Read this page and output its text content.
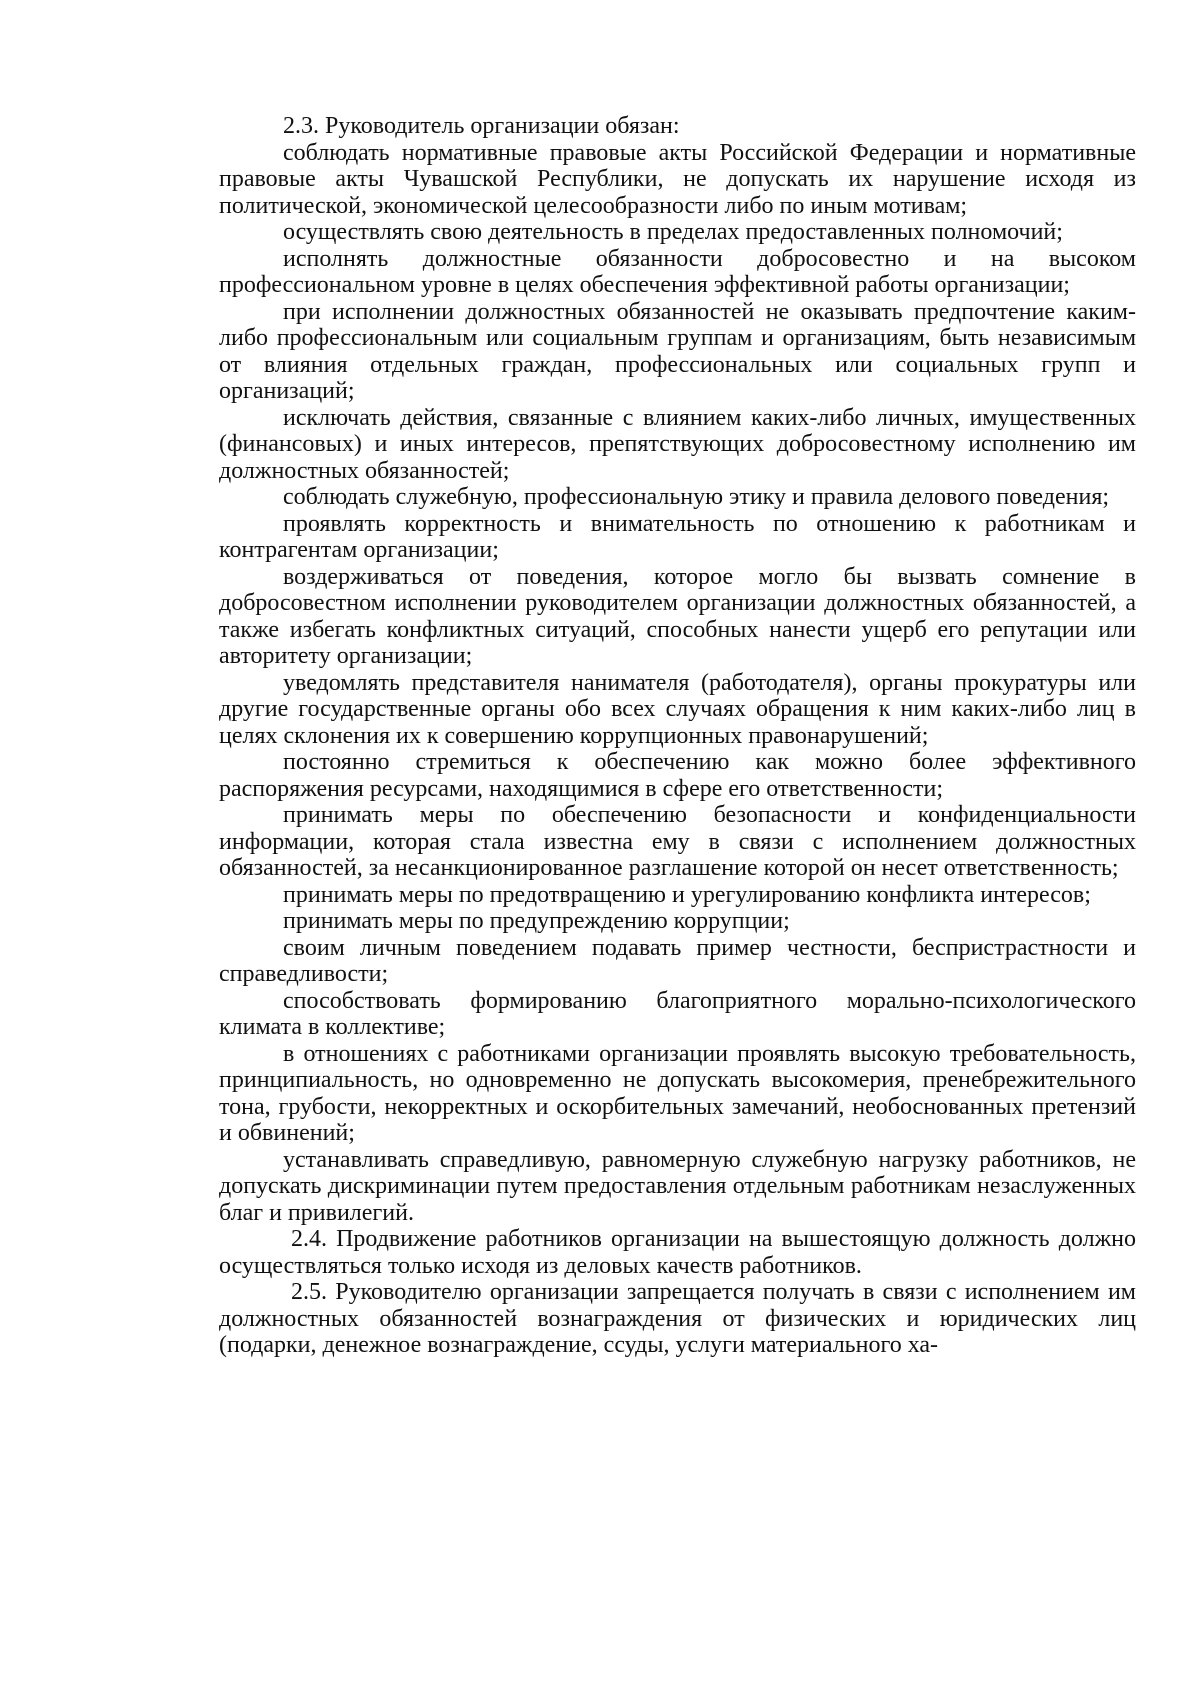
2.3. Руководитель организации обязан:

соблюдать нормативные правовые акты Российской Федерации и нормативные правовые акты Чувашской Республики, не допускать их нарушение исходя из политической, экономической целесообразности либо по иным мотивам;

осуществлять свою деятельность в пределах предоставленных полномочий;

исполнять должностные обязанности добросовестно и на высоком профессиональном уровне в целях обеспечения эффективной работы организации;

при исполнении должностных обязанностей не оказывать предпочтение каким-либо профессиональным или социальным группам и организациям, быть независимым от влияния отдельных граждан, профессиональных или социальных групп и организаций;

исключать действия, связанные с влиянием каких-либо личных, имущественных (финансовых) и иных интересов, препятствующих добросовестному исполнению им должностных обязанностей;

соблюдать служебную, профессиональную этику и правила делового поведения;

проявлять корректность и внимательность по отношению к работникам и контрагентам организации;

воздерживаться от поведения, которое могло бы вызвать сомнение в добросовестном исполнении руководителем организации должностных обязанностей, а также избегать конфликтных ситуаций, способных нанести ущерб его репутации или авторитету организации;

уведомлять представителя нанимателя (работодателя), органы прокуратуры или другие государственные органы обо всех случаях обращения к ним каких-либо лиц в целях склонения их к совершению коррупционных правонарушений;

постоянно стремиться к обеспечению как можно более эффективного распоряжения ресурсами, находящимися в сфере его ответственности;

принимать меры по обеспечению безопасности и конфиденциальности информации, которая стала известна ему в связи с исполнением должностных обязанностей, за несанкционированное разглашение которой он несет ответственность;

принимать меры по предотвращению и урегулированию конфликта интересов;

принимать меры по предупреждению коррупции;

своим личным поведением подавать пример честности, беспристрастности и справедливости;

способствовать формированию благоприятного морально-психологического климата в коллективе;

в отношениях с работниками организации проявлять высокую требовательность, принципиальность, но одновременно не допускать высокомерия, пренебрежительного тона, грубости, некорректных и оскорбительных замечаний, необоснованных претензий и обвинений;

устанавливать справедливую, равномерную служебную нагрузку работников, не допускать дискриминации путем предоставления отдельным работникам незаслуженных благ и привилегий.

2.4. Продвижение работников организации на вышестоящую должность должно осуществляться только исходя из деловых качеств работников.

2.5. Руководителю организации запрещается получать в связи с исполнением им должностных обязанностей вознаграждения от физических и юридических лиц (подарки, денежное вознаграждение, ссуды, услуги материального ха-
